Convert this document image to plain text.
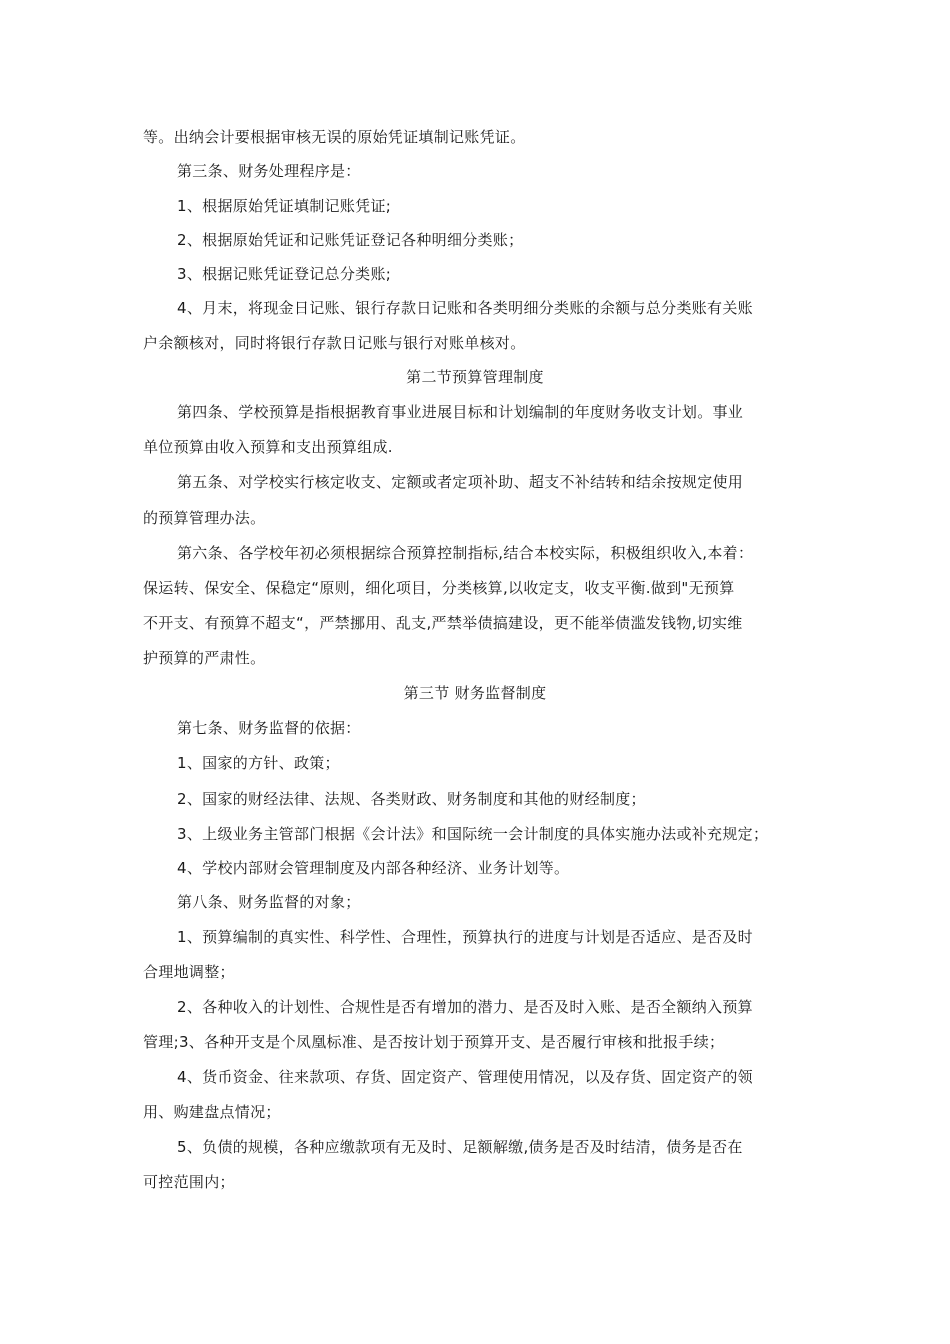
等。出纳会计要根据审核无误的原始凭证填制记账凭证。
第三条、财务处理程序是：
1、根据原始凭证填制记账凭证;
2、根据原始凭证和记账凭证登记各种明细分类账；
3、根据记账凭证登记总分类账;
4、月末，将现金日记账、银行存款日记账和各类明细分类账的余额与总分类账有关账
户余额核对，同时将银行存款日记账与银行对账单核对。
第二节预算管理制度
第四条、学校预算是指根据教育事业进展目标和计划编制的年度财务收支计划。事业
单位预算由收入预算和支出预算组成.
第五条、对学校实行核定收支、定额或者定项补助、超支不补结转和结余按规定使用
的预算管理办法。
第六条、各学校年初必须根据综合预算控制指标,结合本校实际，积极组织收入,本着：
保运转、保安全、保稳定“原则，细化项目，分类核算,以收定支，收支平衡.做到"无预算
不开支、有预算不超支“，严禁挪用、乱支,严禁举债搞建设，更不能举债滥发钱物,切实维
护预算的严肃性。
第三节 财务监督制度
第七条、财务监督的依据：
1、国家的方针、政策；
2、国家的财经法律、法规、各类财政、财务制度和其他的财经制度；
3、上级业务主管部门根据《会计法》和国际统一会计制度的具体实施办法或补充规定；
4、学校内部财会管理制度及内部各种经济、业务计划等。
第八条、财务监督的对象；
1、预算编制的真实性、科学性、合理性，预算执行的进度与计划是否适应、是否及时
合理地调整；
2、各种收入的计划性、合规性是否有增加的潜力、是否及时入账、是否全额纳入预算
管理;3、各种开支是个凤凰标准、是否按计划于预算开支、是否履行审核和批报手续；
4、货币资金、往来款项、存货、固定资产、管理使用情况，以及存货、固定资产的领
用、购建盘点情况；
5、负债的规模，各种应缴款项有无及时、足额解缴,债务是否及时结清，债务是否在
可控范围内；
